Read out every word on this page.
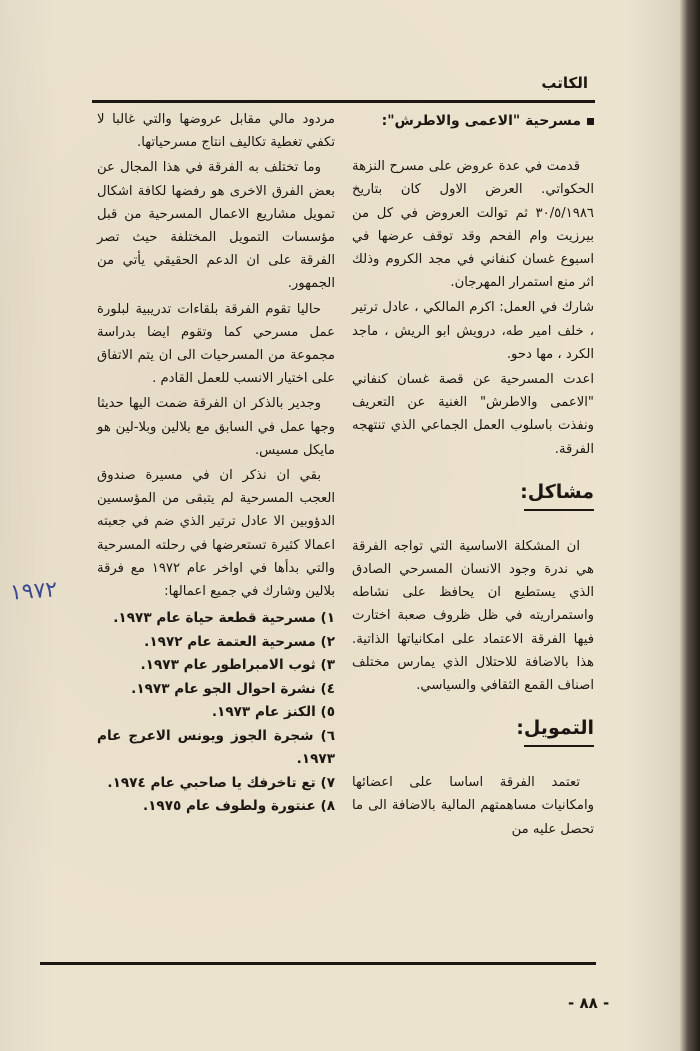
الكاتب
مسرحية "الاعمى والاطرش":

قدمت في عدة عروض على مسرح النزهة الحكواتي. العرض الاول كان بتاريخ ٣٠/٥/١٩٨٦ ثم توالت العروض في كل من بيرزيت وام الفحم وقد توقف عرضها في اسبوع غسان كنفاني في مجد الكروم وذلك اثر منع استمرار المهرجان.

شارك في العمل: اكرم المالكي ، عادل ترتير ، خلف امير طه، درويش ابو الريش ، ماجد الكرد ، مها دحو.

اعدت المسرحية عن قصة غسان كنفاني "الاعمى والاطرش" الغنية عن التعريف ونفذت باسلوب العمل الجماعي الذي تنتهجه الفرقة.

مشاكل:

ان المشكلة الاساسية التي تواجه الفرقة هي ندرة وجود الانسان المسرحي الصادق الذي يستطيع ان يحافظ على نشاطه واستمراريته في ظل ظروف صعبة اختارت فيها الفرقة الاعتماد على امكانياتها الذاتية. هذا بالاضافة للاحتلال الذي يمارس مختلف اصناف القمع الثقافي والسياسي.

التمويل:

تعتمد الفرقة اساسا على اعضائها وامكانيات مساهمتهم المالية بالاضافة الى ما تحصل عليه من

مردود مالي مقابل عروضها والتي غالبا لا تكفي تغطية تكاليف انتاج مسرحياتها.

وما تختلف به الفرقة في هذا المجال عن بعض الفرق الاخرى هو رفضها لكافة اشكال تمويل مشاريع الاعمال المسرحية من قبل مؤسسات التمويل المختلفة حيث تصر الفرقة على ان الدعم الحقيقي يأتي من الجمهور.

حاليا تقوم الفرقة بلقاءات تدريبية لبلورة عمل مسرحي كما وتقوم ايضا بدراسة مجموعة من المسرحيات الى ان يتم الاتفاق على اختيار الانسب للعمل القادم .

وجدير بالذكر ان الفرقة ضمت اليها حديثا وجها عمل في السابق مع بلالين وبلا-لين هو مايكل مسيس.

بقي ان نذكر ان في مسيرة صندوق العجب المسرحية لم يتبقى من المؤسسين الدؤوبين الا عادل ترتير الذي ضم في جعبته اعمالا كثيرة تستعرضها في رحلته المسرحية والتي بدأها في اواخر عام ١٩٧٢ مع فرقة بلالين وشارك في جميع اعمالها:

١) مسرحية قطعة حياة عام ١٩٧٣.
٢) مسرحية العتمة عام ١٩٧٢.
٣) ثوب الامبراطور عام ١٩٧٣.
٤) نشرة احوال الجو عام ١٩٧٣.
٥) الكنز عام ١٩٧٣.
٦) شجرة الجوز ويونس الاعرج عام ١٩٧٣.
٧) تع تاخرفك يا صاحبي عام ١٩٧٤.
٨) عنتورة ولطوف عام ١٩٧٥.
١٩٧٢
- ٨٨ -
